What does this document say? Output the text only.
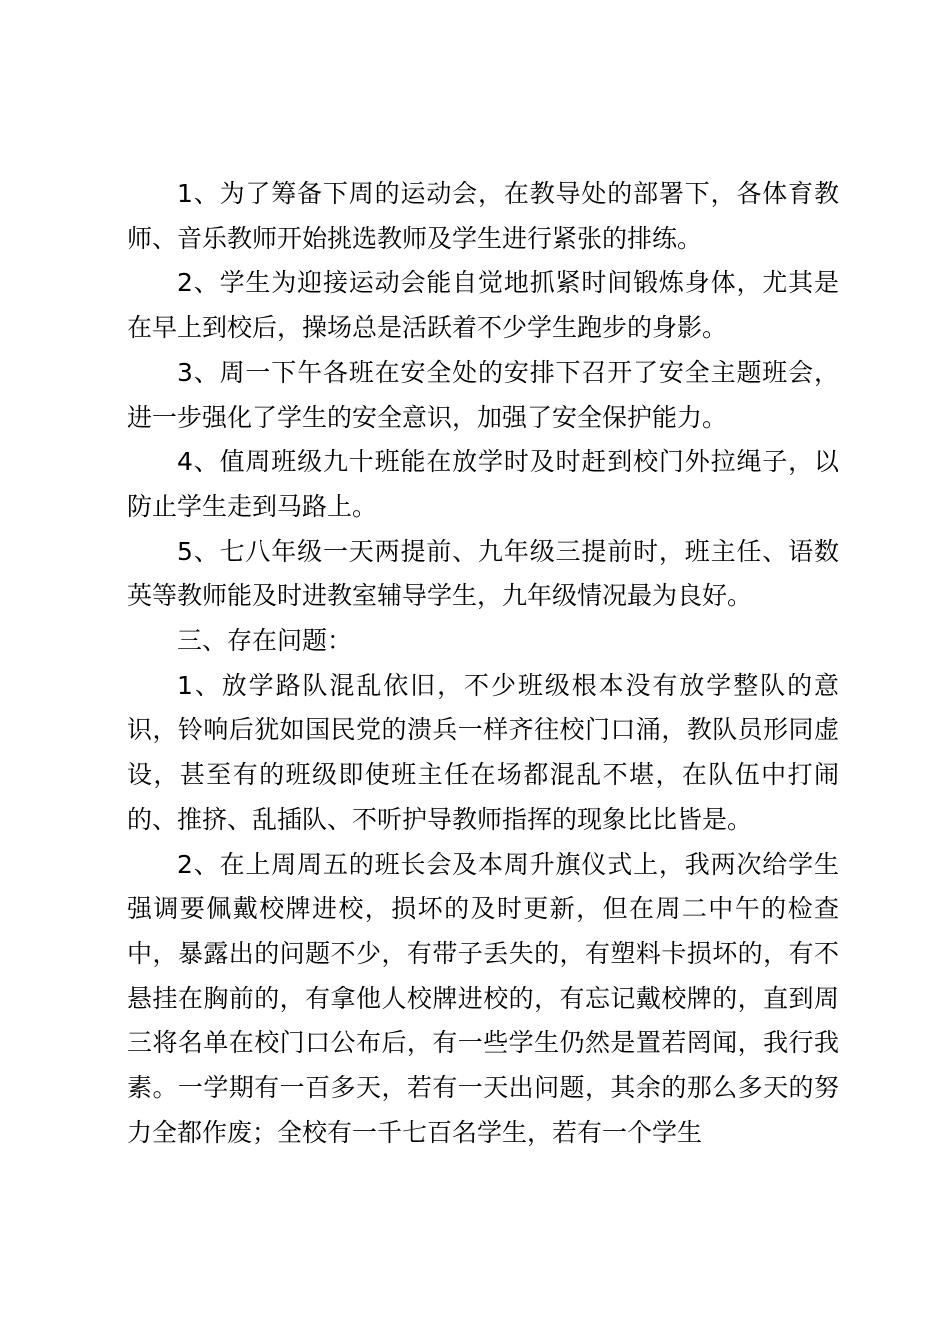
1、为了筹备下周的运动会，在教导处的部署下，各体育教师、音乐教师开始挑选教师及学生进行紧张的排练。

2、学生为迎接运动会能自觉地抓紧时间锻炼身体，尤其是在早上到校后，操场总是活跃着不少学生跑步的身影。

3、周一下午各班在安全处的安排下召开了安全主题班会，进一步强化了学生的安全意识，加强了安全保护能力。

4、值周班级九十班能在放学时及时赶到校门外拉绳子，以防止学生走到马路上。

5、七八年级一天两提前、九年级三提前时，班主任、语数英等教师能及时进教室辅导学生，九年级情况最为良好。

三、存在问题：

1、放学路队混乱依旧，不少班级根本没有放学整队的意识，铃响后犹如国民党的溃兵一样齐往校门口涌，教队员形同虚设，甚至有的班级即使班主任在场都混乱不堪，在队伍中打闹的、推挤、乱插队、不听护导教师指挥的现象比比皆是。

2、在上周周五的班长会及本周升旗仪式上，我两次给学生强调要佩戴校牌进校，损坏的及时更新，但在周二中午的检查中，暴露出的问题不少，有带子丢失的，有塑料卡损坏的，有不悬挂在胸前的，有拿他人校牌进校的，有忘记戴校牌的，直到周三将名单在校门口公布后，有一些学生仍然是置若罔闻，我行我素。一学期有一百多天，若有一天出问题，其余的那么多天的努力全都作废；全校有一千七百名学生，若有一个学生
